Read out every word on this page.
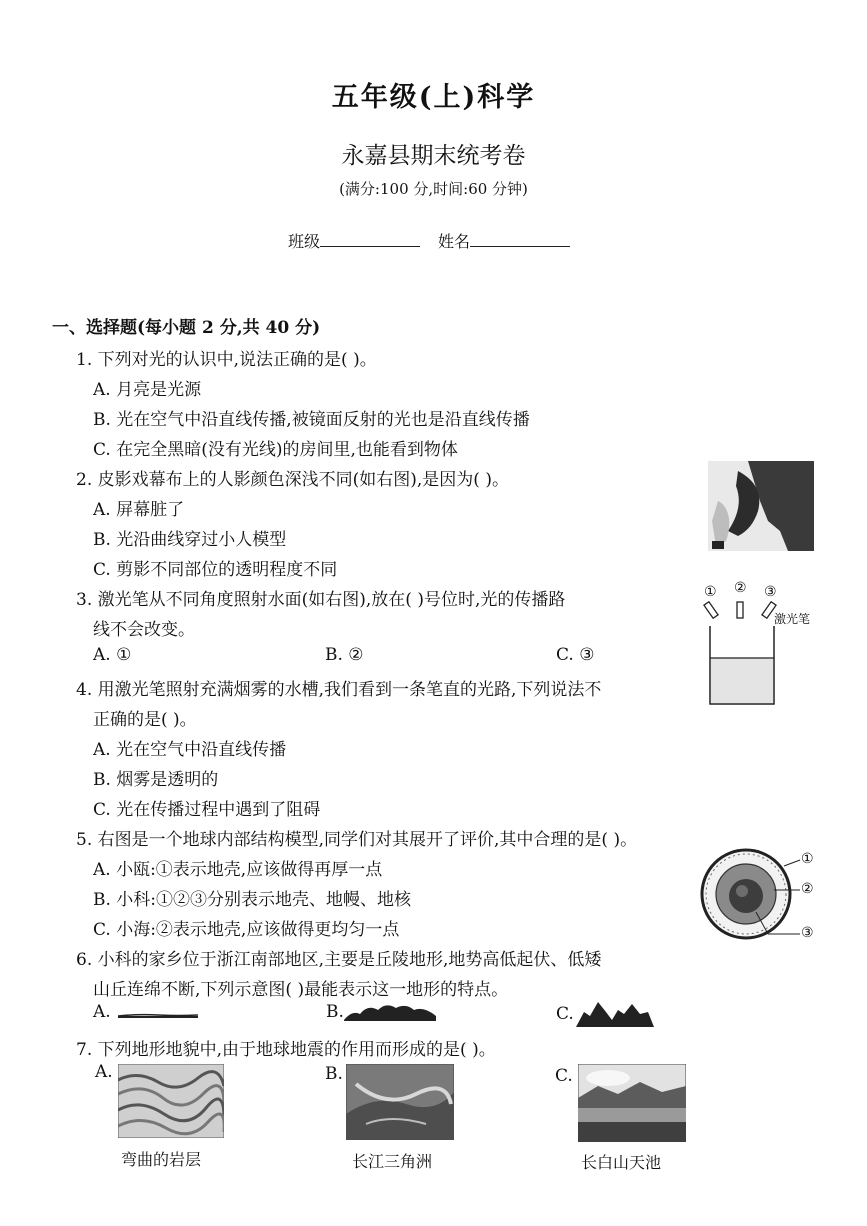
五年级(上)科学
永嘉县期末统考卷
(满分:100 分,时间:60 分钟)
班级	姓名
一、选择题(每小题 2 分,共 40 分)
1. 下列对光的认识中,说法正确的是( )。
A. 月亮是光源
B. 光在空气中沿直线传播,被镜面反射的光也是沿直线传播
C. 在完全黑暗(没有光线)的房间里,也能看到物体
2. 皮影戏幕布上的人影颜色深浅不同(如右图),是因为( )。
A. 屏幕脏了
B. 光沿曲线穿过小人模型
C. 剪影不同部位的透明程度不同
3. 激光笔从不同角度照射水面(如右图),放在( )号位时,光的传播路
线不会改变。
A. ①	B. ②	C. ③
① ② ③
激光笔
4. 用激光笔照射充满烟雾的水槽,我们看到一条笔直的光路,下列说法不
正确的是( )。
A. 光在空气中沿直线传播
B. 烟雾是透明的
C. 光在传播过程中遇到了阻碍
5. 右图是一个地球内部结构模型,同学们对其展开了评价,其中合理的是( )。
A. 小瓯:①表示地壳,应该做得再厚一点
B. 小科:①②③分别表示地壳、地幔、地核
C. 小海:②表示地壳,应该做得更均匀一点
①
②
③
6. 小科的家乡位于浙江南部地区,主要是丘陵地形,地势高低起伏、低矮
山丘连绵不断,下列示意图( )最能表示这一地形的特点。
A.	B.	C.
7. 下列地形地貌中,由于地球地震的作用而形成的是( )。
A.
弯曲的岩层
B.
长江三角洲
C.
长白山天池
